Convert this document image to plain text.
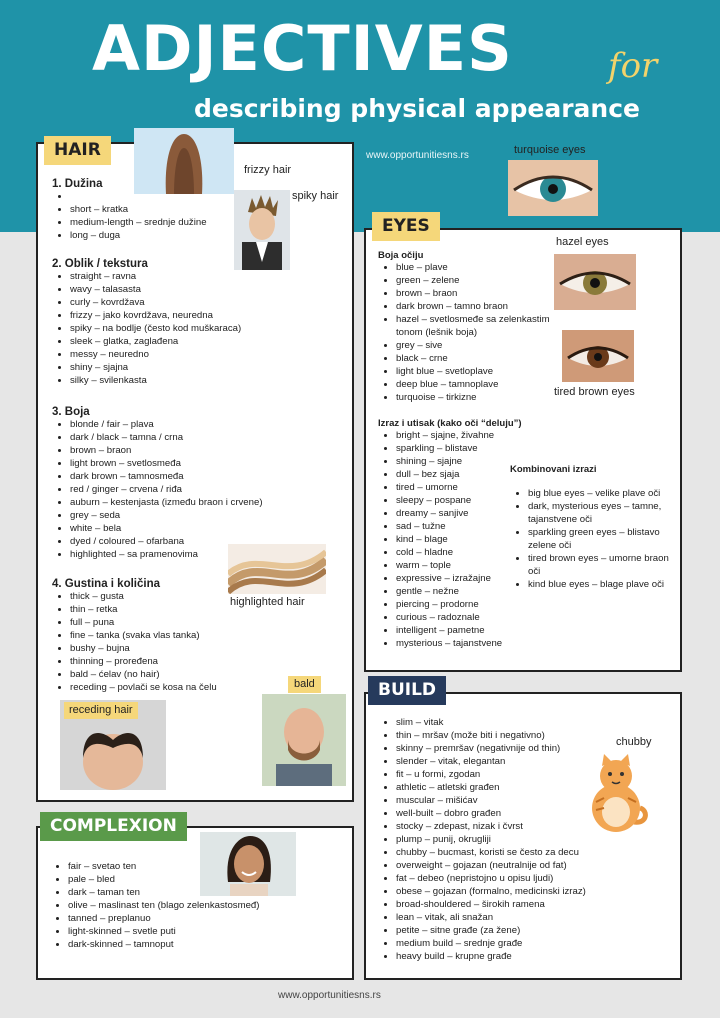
ADJECTIVES	for
describing physical appearance
www.opportunitiesns.rs

1. Dužina

•
• short – kratka
• medium-length – srednje dužine
• long – duga

2. Oblik / tekstura

• straight – ravna
• wavy – talasasta
• curly – kovrdžava
• frizzy – jako kovrdžava, neuredna
• spiky – na bodlje (često kod muškaraca)
• sleek – glatka, zaglađena
• messy – neuredno
• shiny – sjajna
• silky – svilenkasta

3. Boja

• blonde / fair – plava
• dark / black – tamna / crna
• brown – braon
• light brown – svetlosmeđa
• dark brown – tamnosmeđa
• red / ginger – crvena / riđa
• auburn – kestenjasta (između braon i crvene)
• grey – seda
• white – bela
• dyed / coloured – ofarbana
• highlighted – sa pramenovima

4. Gustina i količina

• thick – gusta
• thin – retka
• full – puna
• fine – tanka (svaka vlas tanka)
• bushy – bujna
• thinning – proređena
• bald – ćelav (no hair)
• receding – povlači se kosa na čelu
HAIR
frizzy hair
spiky hair
highlighted hair
receding hair
bald

Boja očiju

• blue – plave
• green – zelene
• brown – braon
• dark brown – tamno braon
• hazel – svetlosmeđe sa zelenkastim tonom (lešnik boja)
• grey – sive
• black – crne
• light blue – svetloplave
• deep blue – tamnoplave
• turquoise – tirkizne

Izraz i utisak (kako oči “deluju”)

• bright – sjajne, živahne
• sparkling – blistave
• shining – sjajne
• dull – bez sjaja
• tired – umorne
• sleepy – pospane
• dreamy – sanjive
• sad – tužne
• kind – blage
• cold – hladne
• warm – tople
• expressive – izražajne
• gentle – nežne
• piercing – prodorne
• curious – radoznale
• intelligent – pametne
• mysterious – tajanstvene

Kombinovani izrazi

• big blue eyes – velike plave oči
• dark, mysterious eyes – tamne, tajanstvene oči
• sparkling green eyes – blistavo zelene oči
• tired brown eyes – umorne braon oči
• kind blue eyes – blage plave oči
EYES
turquoise eyes
hazel eyes
tired brown eyes
• fair – svetao ten
• pale – bled
• dark – taman ten
• olive – maslinast ten (blago zelenkastosmeđ)
• tanned – preplanuo
• light-skinned – svetle puti
• dark-skinned – tamnoput
COMPLEXION
• slim – vitak
• thin – mršav (može biti i negativno)
• skinny – premršav (negativnije od thin)
• slender – vitak, elegantan
• fit – u formi, zgodan
• athletic – atletski građen
• muscular – mišićav
• well-built – dobro građen
• stocky – zdepast, nizak i čvrst
• plump – punij, okrugliji
• chubby – bucmast, koristi se često za decu
• overweight – gojazan (neutralnije od fat)
• fat – debeo (nepristojno u opisu ljudi)
• obese – gojazan (formalno, medicinski izraz)
• broad-shouldered – širokih ramena
• lean – vitak, ali snažan
• petite – sitne građe (za žene)
• medium build – srednje građe
• heavy build – krupne građe
BUILD
chubby
www.opportunitiesns.rs
